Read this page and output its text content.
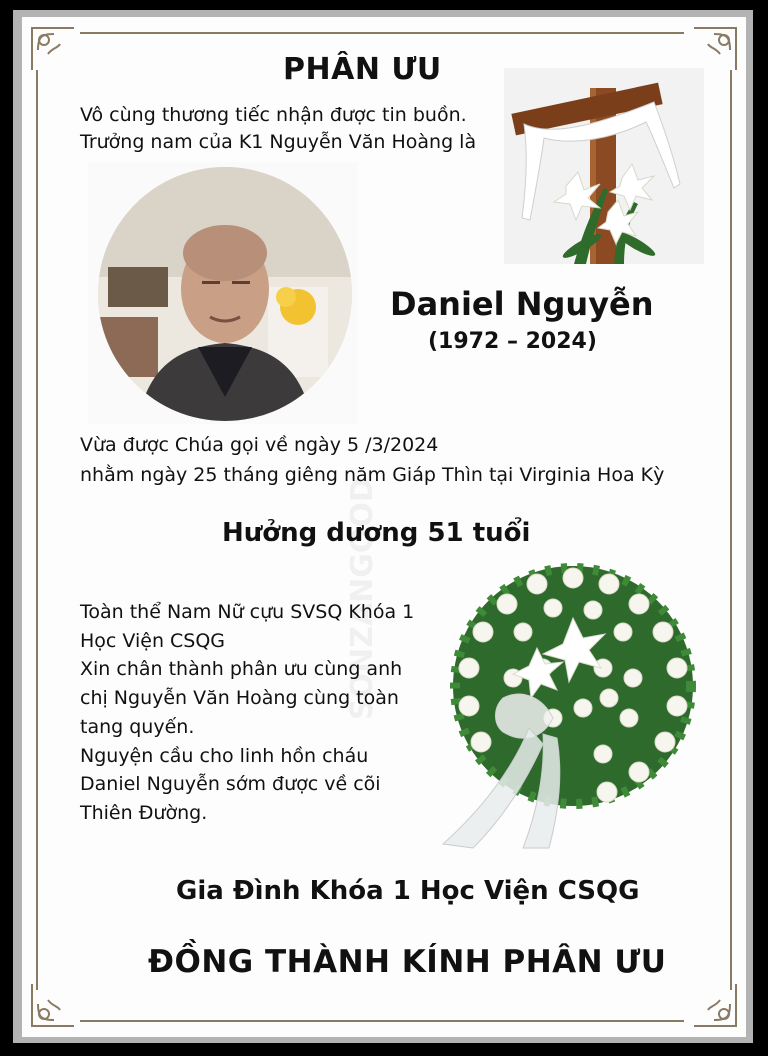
SONZANGOOD
PHÂN ƯU
Vô cùng thương tiếc nhận được tin buồn.
Trưởng nam của K1 Nguyễn Văn Hoàng là
Daniel Nguyễn
(1972 – 2024)
Vừa được Chúa gọi về ngày 5 /3/2024
nhằm ngày 25 tháng giêng năm Giáp Thìn tại Virginia Hoa Kỳ
Hưởng dương 51 tuổi
Toàn thể Nam Nữ cựu SVSQ Khóa 1
Học Viện CSQG
Xin chân thành phân ưu cùng anh
chị Nguyễn Văn Hoàng cùng toàn
tang quyến.
Nguyện cầu cho linh hồn cháu
Daniel Nguyễn sớm được về cõi
Thiên Đường.
Gia Đình Khóa 1 Học Viện CSQG
ĐỒNG THÀNH KÍNH PHÂN ƯU
